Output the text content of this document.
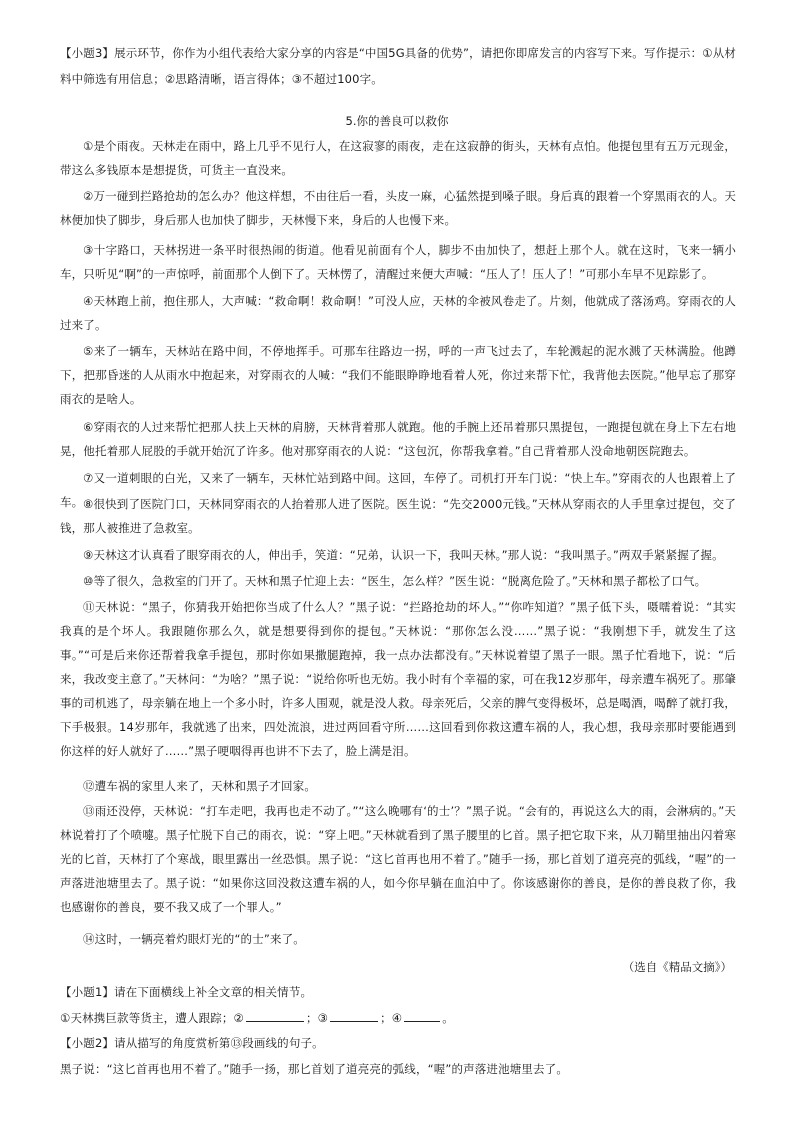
【小题3】展示环节，你作为小组代表给大家分享的内容是“中国5G具备的优势”，请把你即席发言的内容写下来。写作提示：①从材料中筛选有用信息；②思路清晰，语言得体；③不超过100字。
5.你的善良可以救你
①是个雨夜。天林走在雨中，路上几乎不见行人，在这寂寥的雨夜，走在这寂静的街头，天林有点怕。他提包里有五万元现金，带这么多钱原本是想提货，可货主一直没来。
②万一碰到拦路抢劫的怎么办？他这样想，不由往后一看，头皮一麻，心猛然提到嗓子眼。身后真的跟着一个穿黑雨衣的人。天林便加快了脚步，身后那人也加快了脚步，天林慢下来，身后的人也慢下来。
③十字路口，天林拐进一条平时很热闹的街道。他看见前面有个人，脚步不由加快了，想赶上那个人。就在这时，飞来一辆小车，只听见“啊”的一声惊呼，前面那个人倒下了。天林愣了，清醒过来便大声喊：“压人了！压人了！”可那小车早不见踪影了。
④天林跑上前，抱住那人，大声喊：“救命啊！救命啊！”可没人应，天林的伞被风卷走了。片刻，他就成了落汤鸡。穿雨衣的人过来了。
⑤来了一辆车，天林站在路中间，不停地挥手。可那车往路边一拐，呼的一声飞过去了，车轮溅起的泥水溅了天林满脸。他蹲下，把那昏迷的人从雨水中抱起来，对穿雨衣的人喊：“我们不能眼睁睁地看着人死，你过来帮下忙，我背他去医院。”他早忘了那穿雨衣的是啥人。
⑥穿雨衣的人过来帮忙把那人扶上天林的肩膀，天林背着那人就跑。他的手腕上还吊着那只黑提包，一跑提包就在身上下左右地晃，他托着那人屁股的手就开始沉了许多。他对那穿雨衣的人说：“这包沉，你帮我拿着。”自己背着那人没命地朝医院跑去。
⑦又一道刺眼的白光，又来了一辆车，天林忙站到路中间。这回，车停了。司机打开车门说：“快上车。”穿雨衣的人也跟着上了车。 ⑧很快到了医院门口，天林同穿雨衣的人抬着那人进了医院。医生说：“先交2000元钱。”天林从穿雨衣的人手里拿过提包，交了钱，那人被推进了急救室。
⑨天林这才认真看了眼穿雨衣的人，伸出手，笑道：“兄弟，认识一下，我叫天林。”那人说：“我叫黑子。”两双手紧紧握了握。
⑩等了很久，急救室的门开了。天林和黑子忙迎上去：“医生，怎么样？”医生说：“脱离危险了。”天林和黑子都松了口气。
⑪天林说：“黑子，你猜我开始把你当成了什么人？”黑子说：“拦路抢劫的坏人。”“你咋知道？”黑子低下头，嗫嚅着说：“其实我真的是个坏人。我跟随你那么久，就是想要得到你的提包。”天林说：“那你怎么没……”黑子说：“我刚想下手，就发生了这事。”“可是后来你还帮着我拿手提包，那时你如果撒腿跑掉，我一点办法都没有。”天林说着望了黑子一眼。黑子忙看地下，说：“后来，我改变主意了。”天林问：“为啥？”黑子说：“说给你听也无妨。我小时有个幸福的家，可在我12岁那年，母亲遭车祸死了。那肇事的司机逃了，母亲躺在地上一个多小时，许多人围观，就是没人救。母亲死后，父亲的脾气变得极坏，总是喝酒，喝醉了就打我，下手极狠。14岁那年，我就逃了出来，四处流浪，进过两回看守所……这回看到你救这遭车祸的人，我心想，我母亲那时要能遇到你这样的好人就好了……”黑子哽咽得再也讲不下去了，脸上满是泪。
⑫遭车祸的家里人来了，天林和黑子才回家。
⑬雨还没停，天林说：“打车走吧，我再也走不动了。”“这么晚哪有‘的士’？”黑子说。“会有的，再说这么大的雨，会淋病的。”天林说着打了个喷嚏。黑子忙脱下自己的雨衣，说：“穿上吧。”天林就看到了黑子腰里的匕首。黑子把它取下来，从刀鞘里抽出闪着寒光的匕首，天林打了个寒战，眼里露出一丝恐惧。黑子说：“这匕首再也用不着了。”随手一扬，那匕首划了道亮亮的弧线，“喔”的一声落进池塘里去了。黑子说：“如果你这回没救这遭车祸的人，如今你早躺在血泊中了。你该感谢你的善良，是你的善良救了你，我也感谢你的善良，要不我又成了一个罪人。”
⑭这时，一辆亮着灼眼灯光的“的士”来了。
（选自《精品文摘》）
【小题1】请在下面横线上补全文章的相关情节。
①天林携巨款等货主，遭人跟踪；②	；③	；④	。
【小题2】请从描写的角度赏析第⑬段画线的句子。
黑子说：“这匕首再也用不着了。”随手一扬，那匕首划了道亮亮的弧线，“喔”的声落进池塘里去了。
